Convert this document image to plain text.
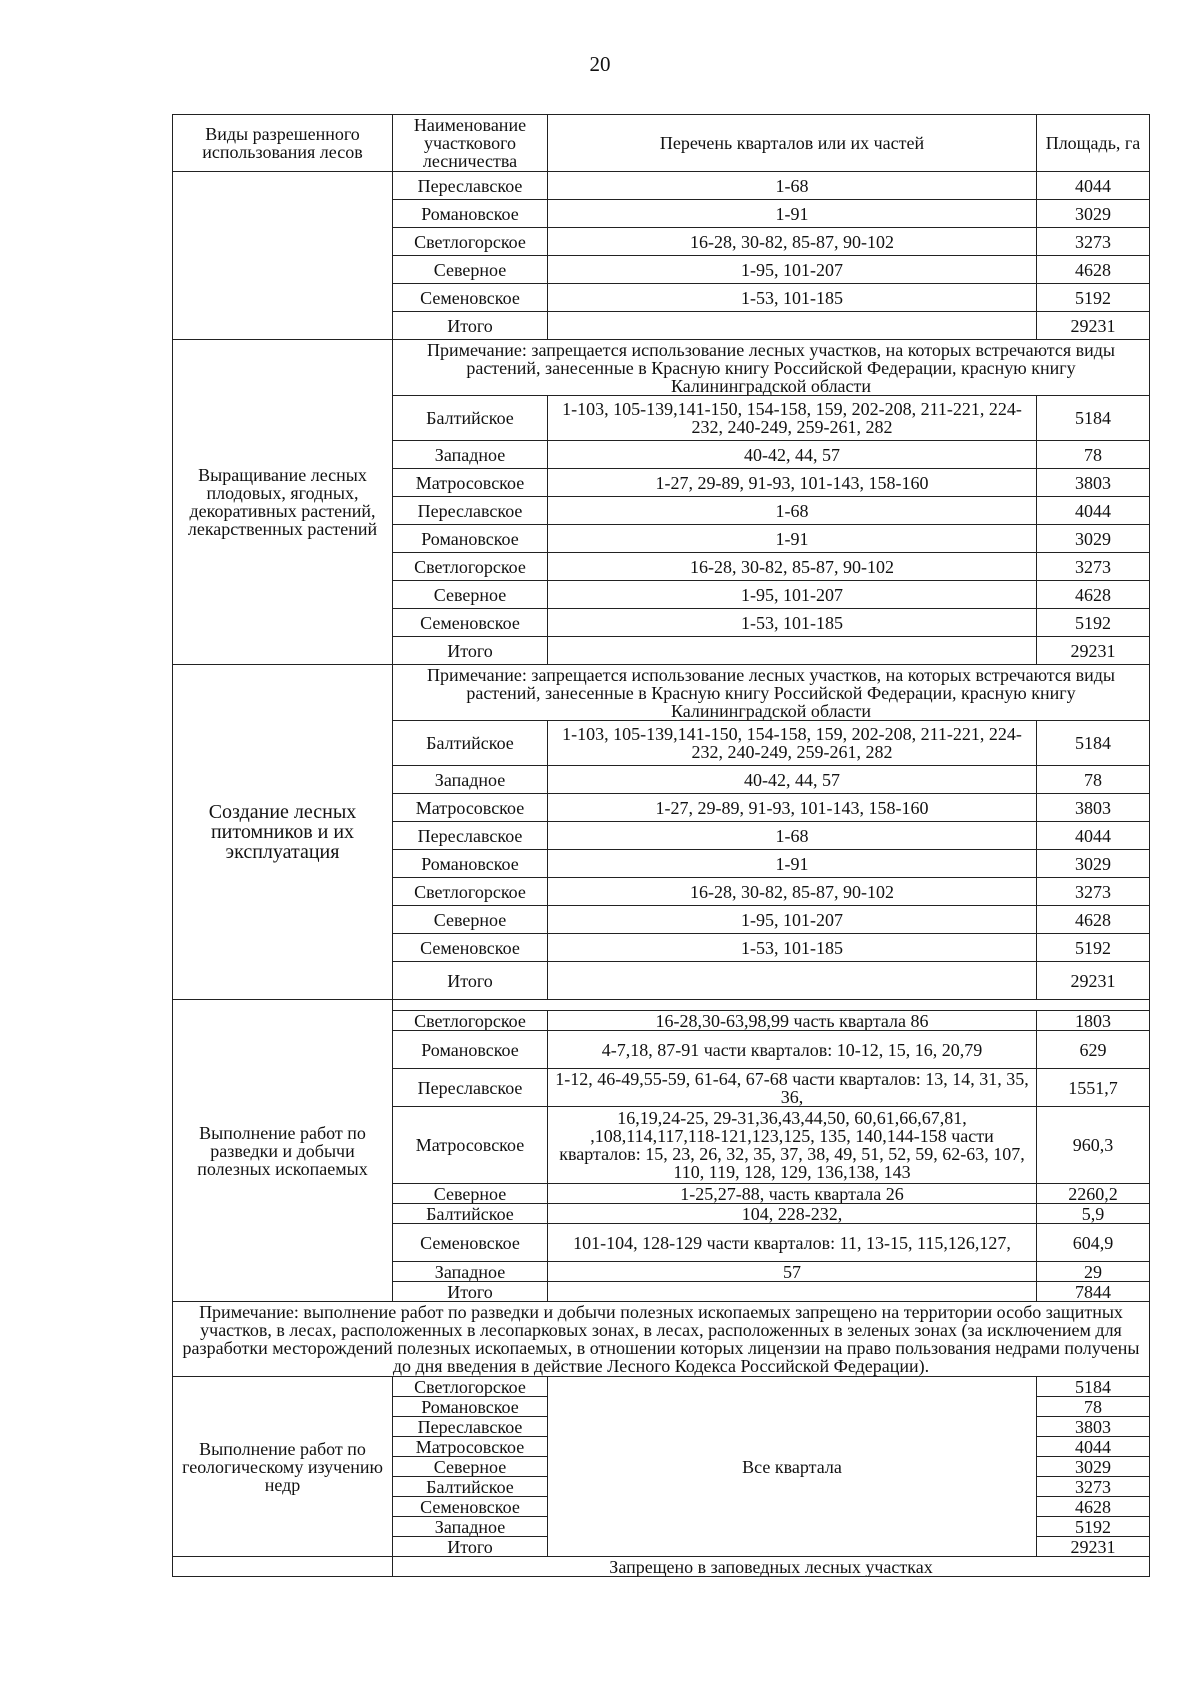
20
Виды разрешенного использования лесов	Наименование участкового лесничества	Перечень кварталов или их частей	Площадь, га
	Переславское	1-68	4044
	Романовское	1-91	3029
	Светлогорское	16-28, 30-82, 85-87, 90-102	3273
	Северное	1-95, 101-207	4628
	Семеновское	1-53, 101-185	5192
	Итого		29231
Выращивание лесных плодовых, ягодных, декоративных растений, лекарственных растений	Примечание: запрещается использование лесных участков, на которых встречаются виды растений, занесенные в Красную книгу Российской Федерации, красную книгу Калининградской области		
	Балтийское	1-103, 105-139,141-150, 154-158, 159, 202-208, 211-221, 224-232, 240-249, 259-261, 282	5184
	Западное	40-42, 44, 57	78
	Матросовское	1-27, 29-89, 91-93, 101-143, 158-160	3803
	Переславское	1-68	4044
	Романовское	1-91	3029
	Светлогорское	16-28, 30-82, 85-87, 90-102	3273
	Северное	1-95, 101-207	4628
	Семеновское	1-53, 101-185	5192
	Итого		29231
Создание лесных питомников и их эксплуатация	Примечание: запрещается использование лесных участков, на которых встречаются виды растений, занесенные в Красную книгу Российской Федерации, красную книгу Калининградской области		
	Балтийское	1-103, 105-139,141-150, 154-158, 159, 202-208, 211-221, 224-232, 240-249, 259-261, 282	5184
	Западное	40-42, 44, 57	78
	Матросовское	1-27, 29-89, 91-93, 101-143, 158-160	3803
	Переславское	1-68	4044
	Романовское	1-91	3029
	Светлогорское	16-28, 30-82, 85-87, 90-102	3273
	Северное	1-95, 101-207	4628
	Семеновское	1-53, 101-185	5192
	Итого		29231
Выполнение работ по разведки и добычи полезных ископаемых			
	Светлогорское	16-28,30-63,98,99 часть квартала 86	1803
	Романовское	4-7,18, 87-91 части кварталов: 10-12, 15, 16, 20,79	629
	Переславское	1-12, 46-49,55-59, 61-64, 67-68 части кварталов: 13, 14, 31, 35, 36,	1551,7
	Матросовское	16,19,24-25, 29-31,36,43,44,50, 60,61,66,67,81, ,108,114,117,118-121,123,125, 135, 140,144-158 части кварталов: 15, 23, 26, 32, 35, 37, 38, 49, 51, 52, 59, 62-63, 107, 110, 119, 128, 129, 136,138, 143	960,3
	Северное	1-25,27-88, часть квартала 26	2260,2
	Балтийское	104, 228-232,	5,9
	Семеновское	101-104, 128-129 части кварталов: 11, 13-15, 115,126,127,	604,9
	Западное	57	29
	Итого		7844
Примечание: выполнение работ по разведки и добычи полезных ископаемых запрещено на территории особо защитных участков, в лесах, расположенных в лесопарковых зонах, в лесах, расположенных в зеленых зонах (за исключением для разработки месторождений полезных ископаемых, в отношении которых лицензии на право пользования недрами получены до дня введения в действие Лесного Кодекса Российской Федерации).			
Выполнение работ по геологическому изучению недр	Светлогорское	Все квартала	5184
	Романовское		78
	Переславское		3803
	Матросовское		4044
	Северное		3029
	Балтийское		3273
	Семеновское		4628
	Западное		5192
	Итого		29231
	Запрещено в заповедных лесных участках		
